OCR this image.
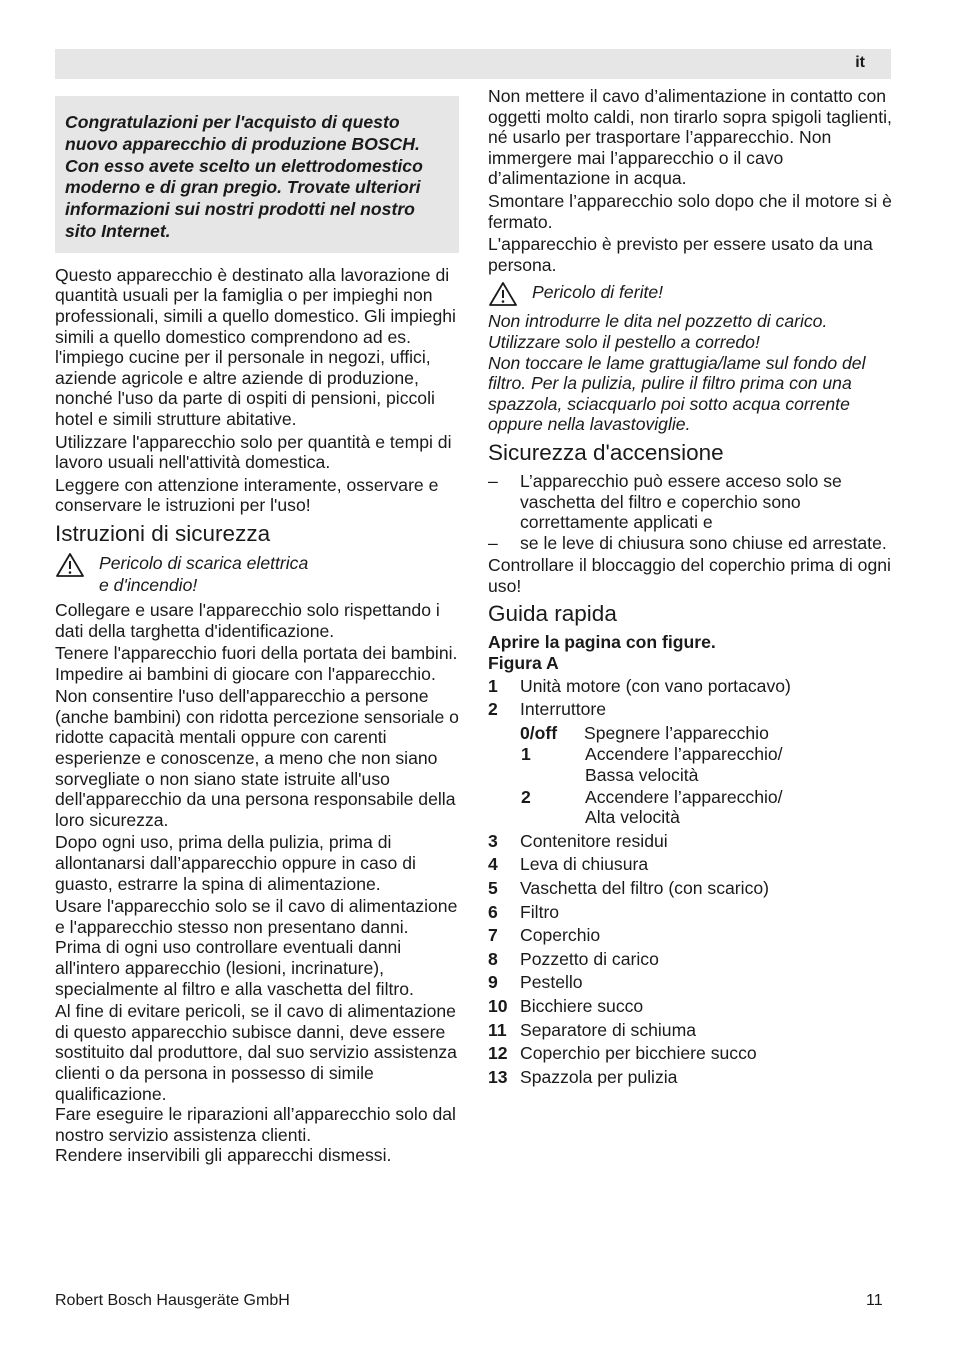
it
Congratulazioni per l'acquisto di questo nuovo apparecchio di produzione BOSCH. Con esso avete scelto un elettrodomestico moderno e di gran pregio. Trovate ulteriori informazioni sui nostri prodotti nel nostro sito Internet.

Questo apparecchio è destinato alla lavorazione di quantità usuali per la famiglia o per impieghi non professionali, simili a quello domestico. Gli impieghi simili a quello domestico comprendono ad es. l'impiego cucine per il personale in negozi, uffici, aziende agricole e altre aziende di produzione, nonché l'uso da parte di ospiti di pensioni, piccoli hotel e simili strutture abitative.

Utilizzare l'apparecchio solo per quantità e tempi di lavoro usuali nell'attività domestica.

Leggere con attenzione interamente, osservare e conservare le istruzioni per l'uso!

Istruzioni di sicurezza
Pericolo di scarica elettrica
e d'incendio!

Collegare e usare l'apparecchio solo rispettando i dati della targhetta d'identificazione.

Tenere l'apparecchio fuori della portata dei bambini. Impedire ai bambini di giocare con l'apparecchio.

Non consentire l'uso dell'apparecchio a persone (anche bambini) con ridotta percezione sensoriale o ridotte capacità mentali oppure con carenti esperienze e conoscenze, a meno che non siano sorvegliate o non siano state istruite all'uso dell'apparecchio da una persona responsabile della loro sicurezza.

Dopo ogni uso, prima della pulizia, prima di allontanarsi dall’apparecchio oppure in caso di guasto, estrarre la spina di alimentazione.

Usare l'apparecchio solo se il cavo di alimentazione e l'apparecchio stesso non presentano danni. Prima di ogni uso controllare eventuali danni all'intero apparecchio (lesioni, incrinature), specialmente al filtro e alla vaschetta del filtro.

Al fine di evitare pericoli, se il cavo di alimentazione di questo apparecchio subisce danni, deve essere sostituito dal produttore, dal suo servizio assistenza clienti o da persona in possesso di simile qualificazione.

Fare eseguire le riparazioni all’apparecchio solo dal nostro servizio assistenza clienti.

Rendere inservibili gli apparecchi dismessi.

Non mettere il cavo d’alimentazione in contatto con oggetti molto caldi, non tirarlo sopra spigoli taglienti, né usarlo per trasportare l’apparecchio. Non immergere mai l’apparecchio o il cavo d’alimentazione in acqua.

Smontare l’apparecchio solo dopo che il motore si è fermato.

L'apparecchio è previsto per essere usato da una persona.

Pericolo di ferite!

Non introdurre le dita nel pozzetto di carico. Utilizzare solo il pestello a corredo!

Non toccare le lame grattugia/lame sul fondo del filtro. Per la pulizia, pulire il filtro prima con una spazzola, sciacquarlo poi sotto acqua corrente oppure nella lavastoviglie.

Sicurezza d'accensione
–	L’apparecchio può essere acceso solo se vaschetta del filtro e coperchio sono correttamente applicati e
–	se le leve di chiusura sono chiuse ed arrestate.

Controllare il bloccaggio del coperchio prima di ogni uso!

Guida rapida
Aprire la pagina con figure.
Figura A
1	Unità motore (con vano portacavo)
2	Interruttore
0/off	Spegnere l’apparecchio
1	Accendere l’apparecchio/
Bassa velocità
2	Accendere l’apparecchio/
Alta velocità
3	Contenitore residui
4	Leva di chiusura
5	Vaschetta del filtro (con scarico)
6	Filtro
7	Coperchio
8	Pozzetto di carico
9	Pestello
10 Bicchiere succo
11 Separatore di schiuma
12 Coperchio per bicchiere succo
13 Spazzola per pulizia
Robert Bosch Hausgeräte GmbH	11
